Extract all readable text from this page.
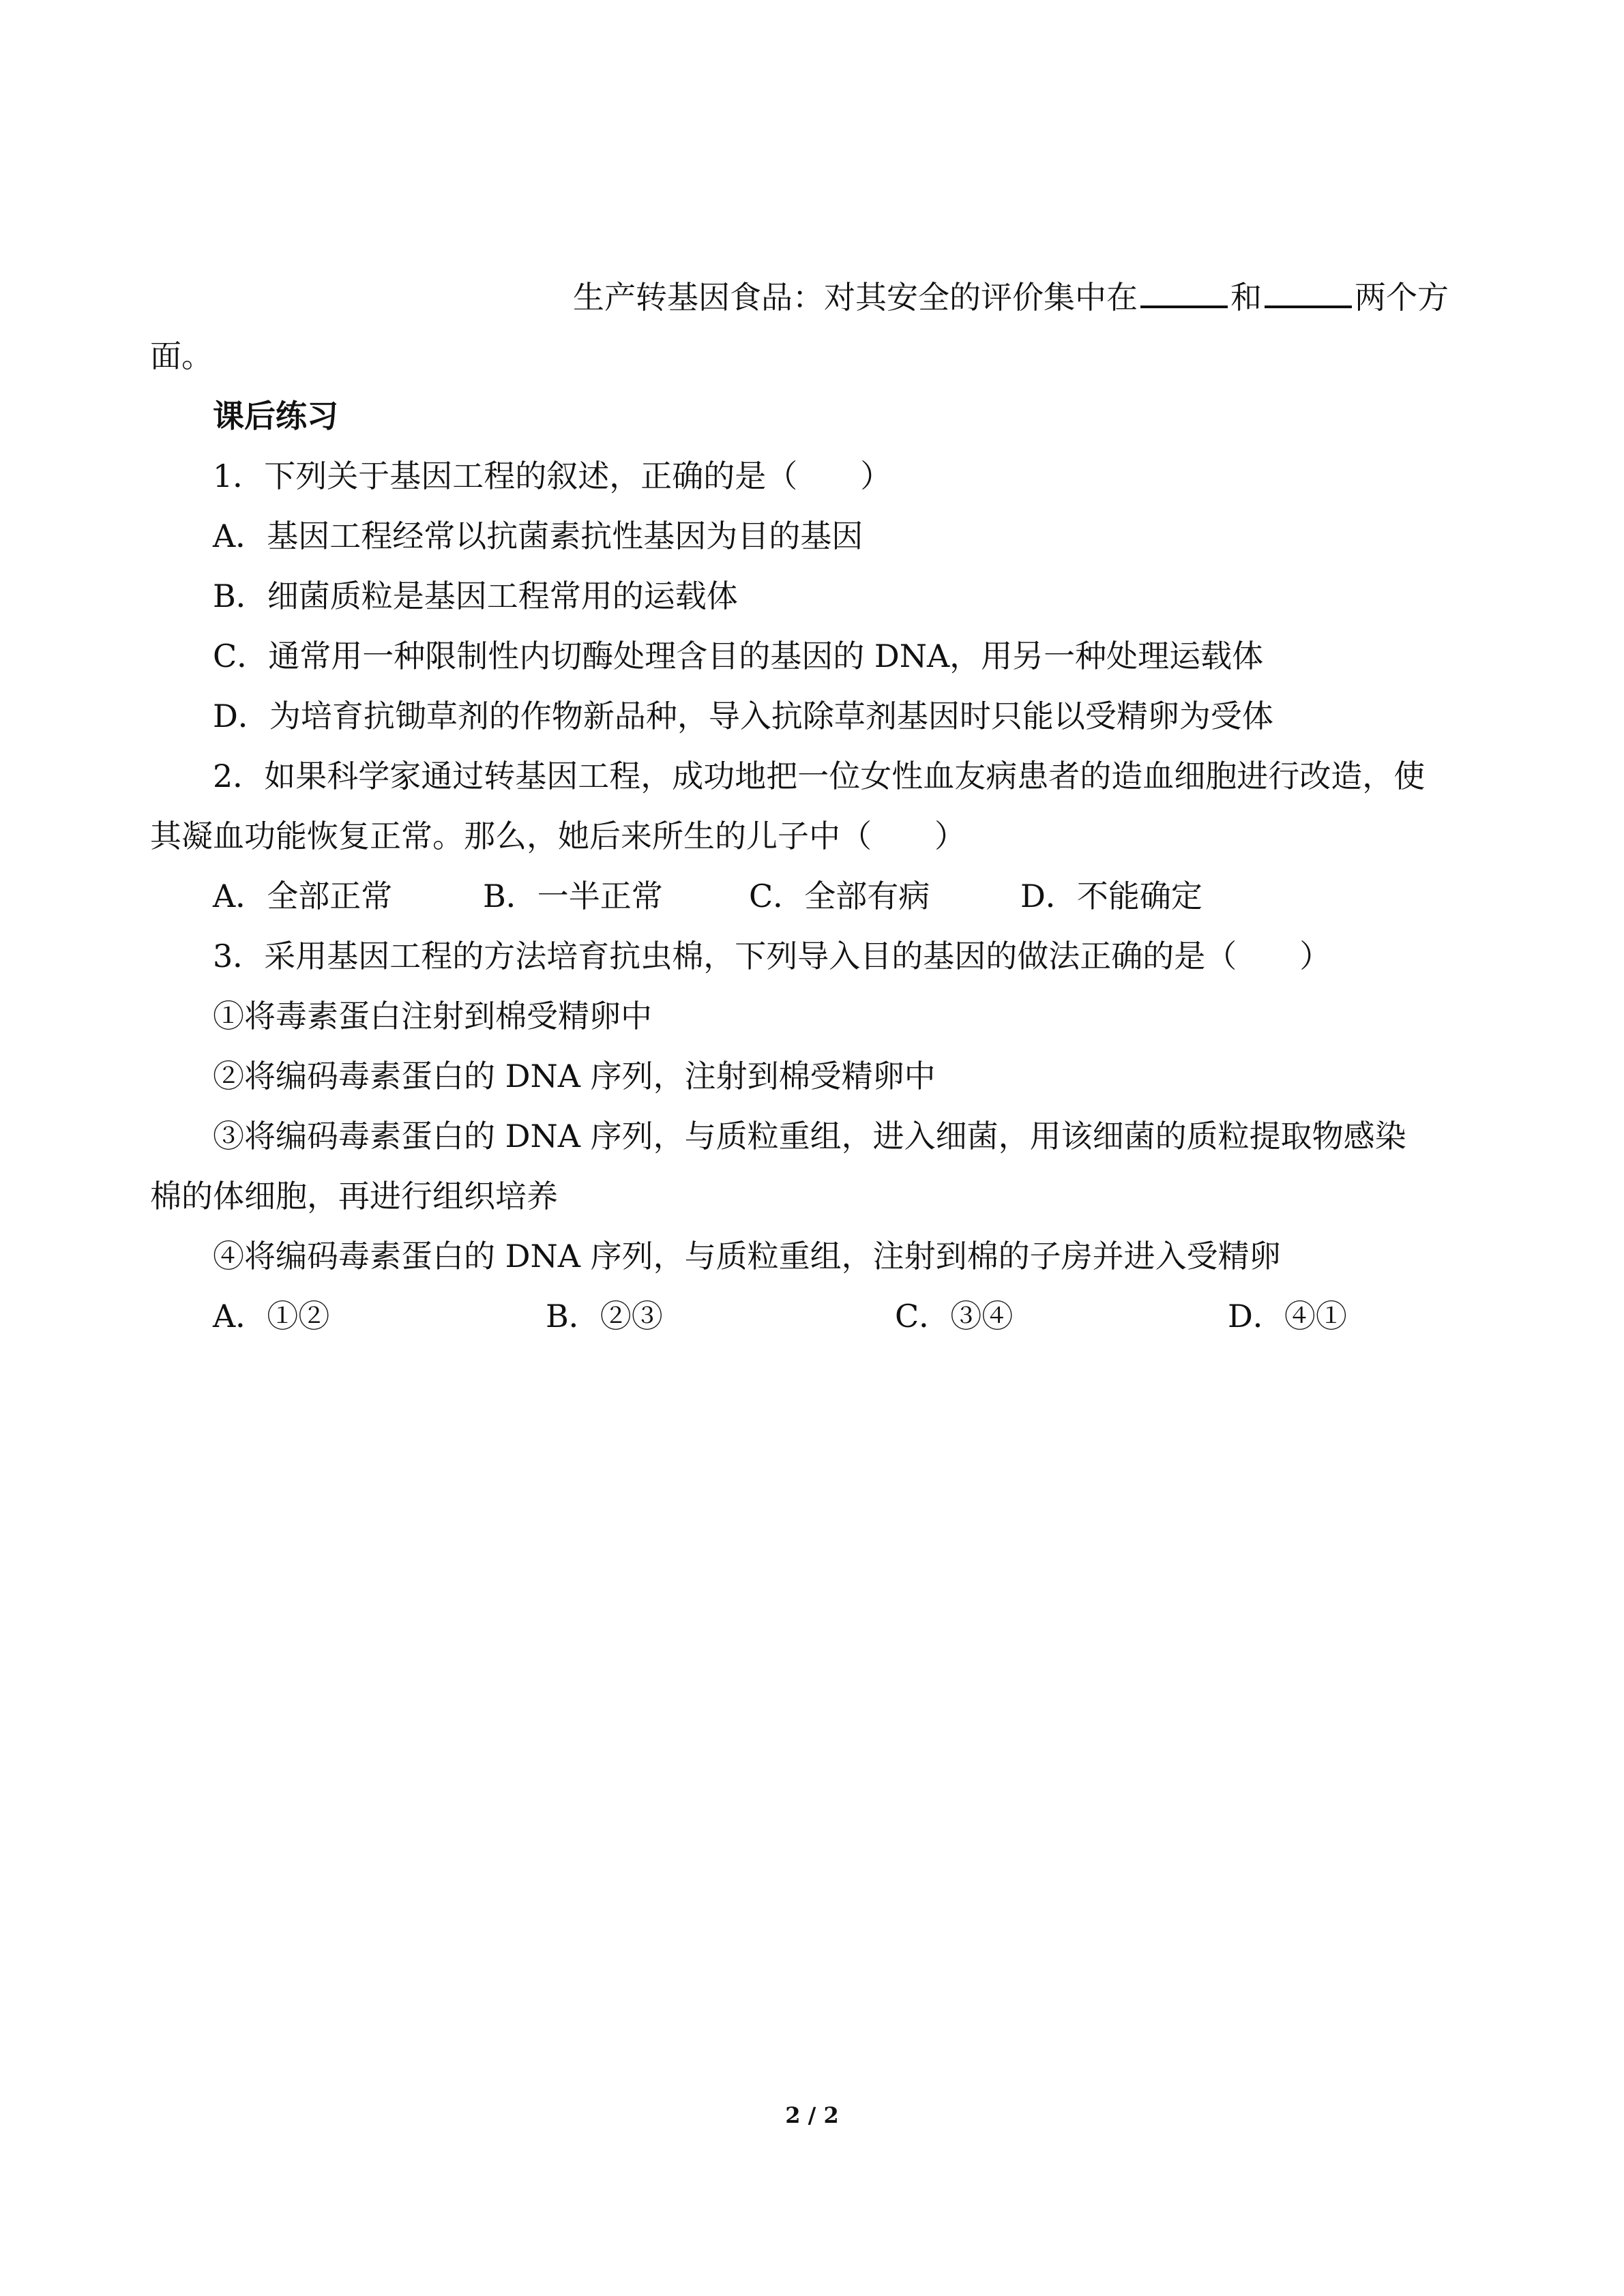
生产转基因食品：对其安全的评价集中在	和	两个方
面。
课后练习
1．下列关于基因工程的叙述，正确的是（　　）
A．基因工程经常以抗菌素抗性基因为目的基因
B．细菌质粒是基因工程常用的运载体
C．通常用一种限制性内切酶处理含目的基因的 DNA，用另一种处理运载体
D．为培育抗锄草剂的作物新品种，导入抗除草剂基因时只能以受精卵为受体
2．如果科学家通过转基因工程，成功地把一位女性血友病患者的造血细胞进行改造，使
其凝血功能恢复正常。那么，她后来所生的儿子中（　　）
A．全部正常	B．一半正常	C．全部有病	D．不能确定
3．采用基因工程的方法培育抗虫棉，下列导入目的基因的做法正确的是（　　）
①将毒素蛋白注射到棉受精卵中
②将编码毒素蛋白的 DNA 序列，注射到棉受精卵中
③将编码毒素蛋白的 DNA 序列，与质粒重组，进入细菌，用该细菌的质粒提取物感染
棉的体细胞，再进行组织培养
④将编码毒素蛋白的 DNA 序列，与质粒重组，注射到棉的子房并进入受精卵
A．①②	B．②③	C．③④	D．④①
2 / 2
